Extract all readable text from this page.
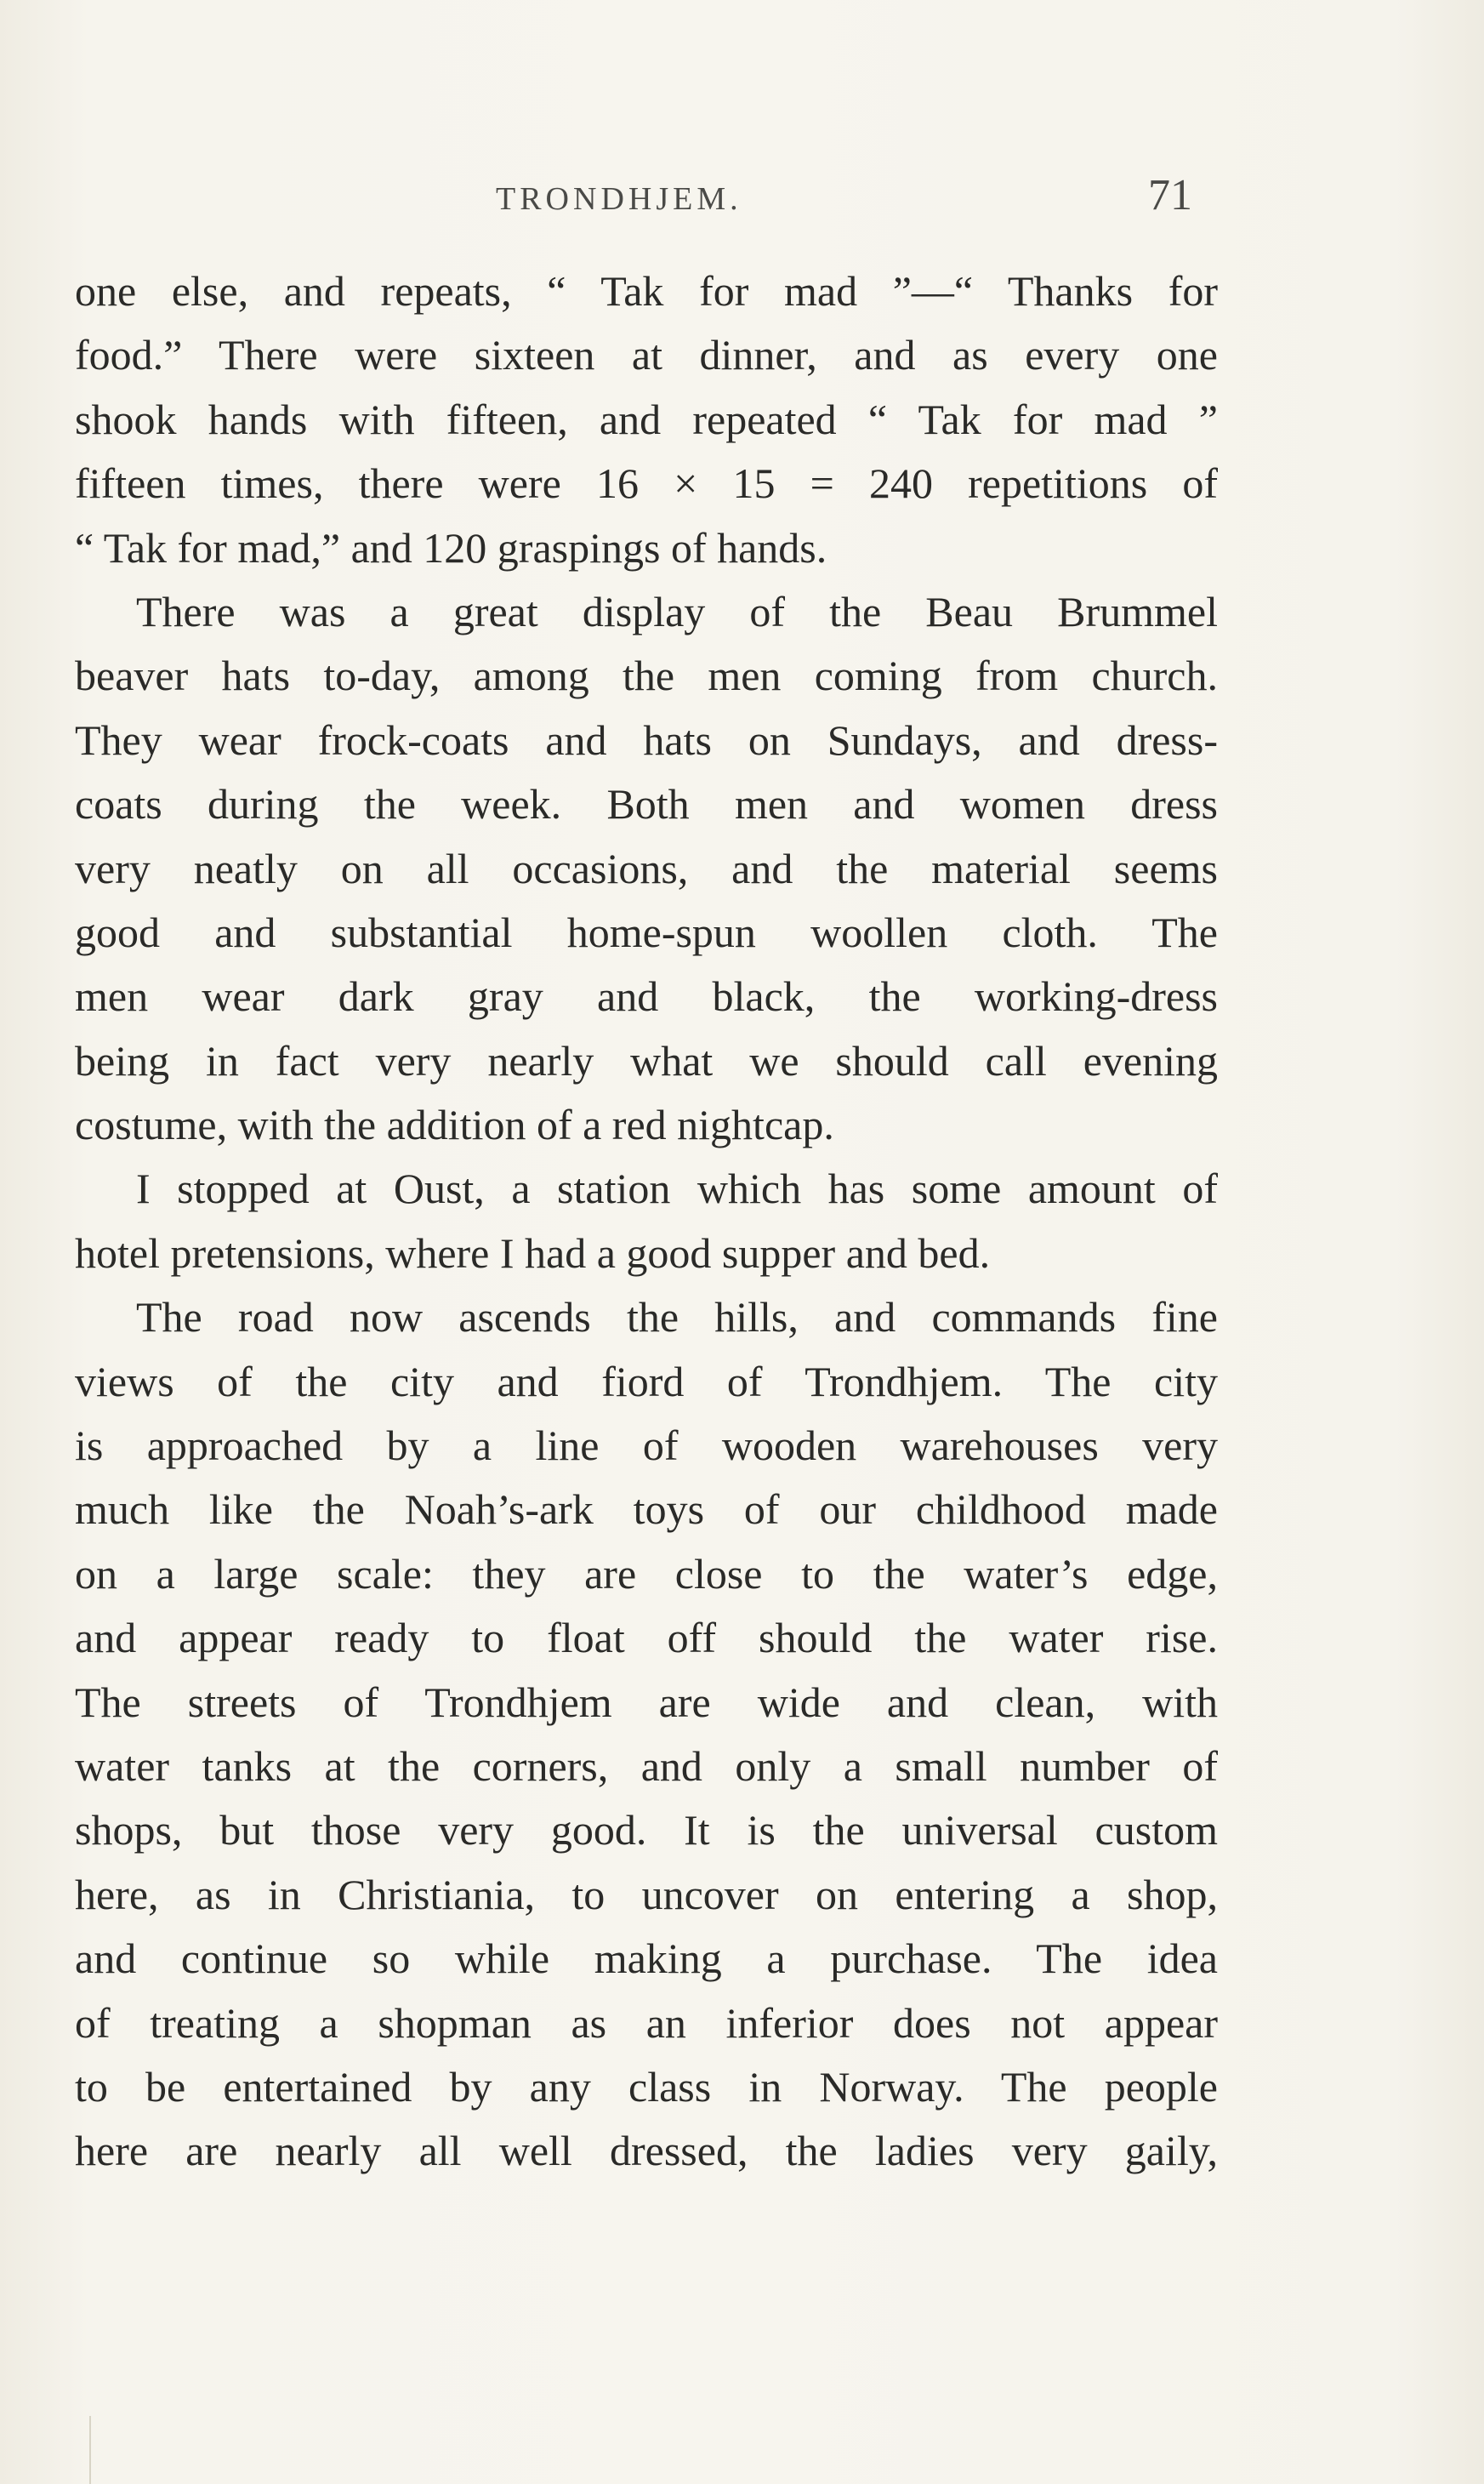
TRONDHJEM.	71
one else, and repeats, “ Tak for mad ”—“ Thanks for
food.” There were sixteen at dinner, and as every one
shook hands with fifteen, and repeated “ Tak for mad ”
fifteen times, there were 16 × 15 = 240 repetitions of
“ Tak for mad,” and 120 graspings of hands.
There was a great display of the Beau Brummel
beaver hats to-day, among the men coming from church.
They wear frock-coats and hats on Sundays, and dress-
coats during the week. Both men and women dress
very neatly on all occasions, and the material seems
good and substantial home-spun woollen cloth. The
men wear dark gray and black, the working-dress
being in fact very nearly what we should call evening
costume, with the addition of a red nightcap.
I stopped at Oust, a station which has some amount of
hotel pretensions, where I had a good supper and bed.
The road now ascends the hills, and commands fine
views of the city and fiord of Trondhjem. The city
is approached by a line of wooden warehouses very
much like the Noah’s-ark toys of our childhood made
on a large scale: they are close to the water’s edge,
and appear ready to float off should the water rise.
The streets of Trondhjem are wide and clean, with
water tanks at the corners, and only a small number of
shops, but those very good. It is the universal custom
here, as in Christiania, to uncover on entering a shop,
and continue so while making a purchase. The idea
of treating a shopman as an inferior does not appear
to be entertained by any class in Norway. The people
here are nearly all well dressed, the ladies very gaily,
